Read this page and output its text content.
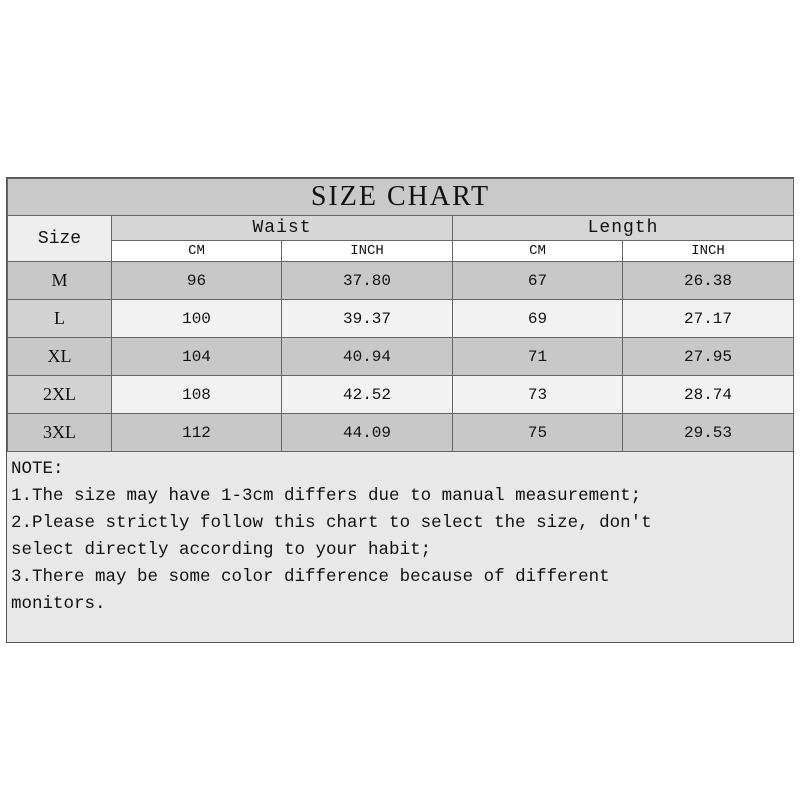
SIZE CHART				
Size	Waist		Length	
	CM	INCH	CM	INCH
M	96	37.80	67	26.38
L	100	39.37	69	27.17
XL	104	40.94	71	27.95
2XL	108	42.52	73	28.74
3XL	112	44.09	75	29.53
NOTE:
1.The size may have 1-3cm differs due to manual measurement;
2.Please strictly follow this chart to select the size, don't
select directly according to your habit;
3.There may be some color difference because of different
monitors.
